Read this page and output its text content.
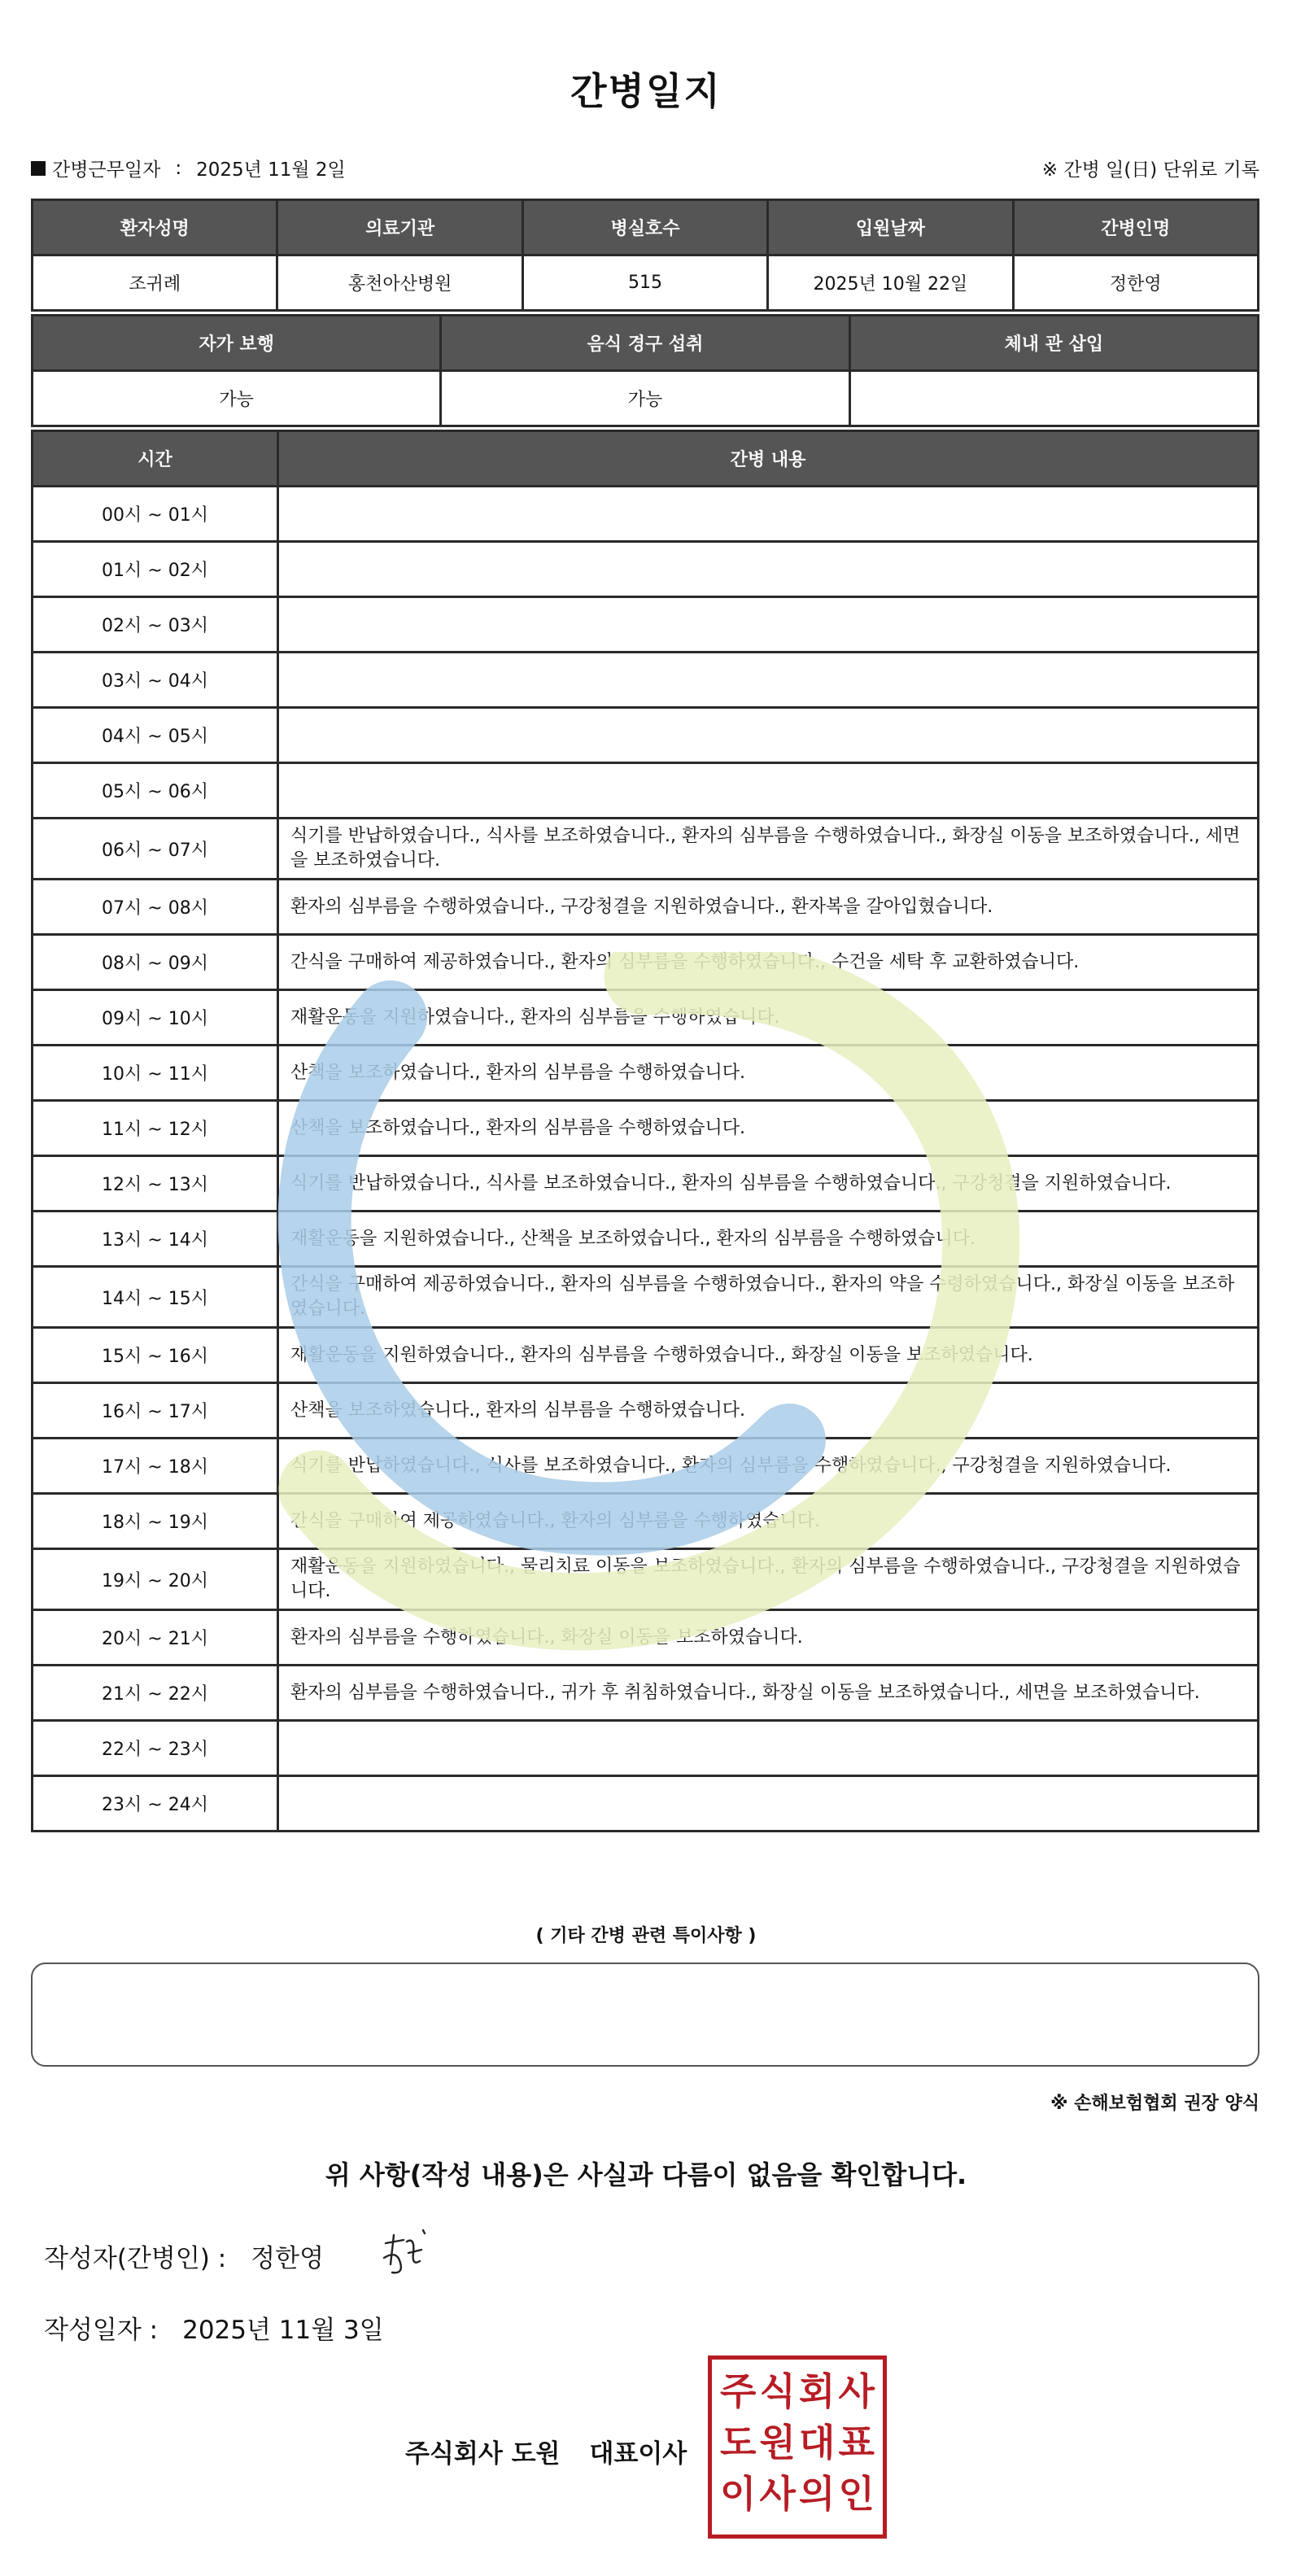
간병일지
간병근무일자 : 2025년 11월 2일	※ 간병 일(日) 단위로 기록
환자성명	의료기관	병실호수	입원날짜	간병인명
조귀례	홍천아산병원	515	2025년 10월 22일	정한영
자가 보행	음식 경구 섭취	체내 관 삽입
가능	가능	
시간	간병 내용
00시 ~ 01시	
01시 ~ 02시	
02시 ~ 03시	
03시 ~ 04시	
04시 ~ 05시	
05시 ~ 06시	
06시 ~ 07시	식기를 반납하였습니다., 식사를 보조하였습니다., 환자의 심부름을 수행하였습니다., 화장실 이동을 보조하였습니다., 세면을 보조하였습니다.
07시 ~ 08시	환자의 심부름을 수행하였습니다., 구강청결을 지원하였습니다., 환자복을 갈아입혔습니다.
08시 ~ 09시	간식을 구매하여 제공하였습니다., 환자의 심부름을 수행하였습니다., 수건을 세탁 후 교환하였습니다.
09시 ~ 10시	재활운동을 지원하였습니다., 환자의 심부름을 수행하였습니다.
10시 ~ 11시	산책을 보조하였습니다., 환자의 심부름을 수행하였습니다.
11시 ~ 12시	산책을 보조하였습니다., 환자의 심부름을 수행하였습니다.
12시 ~ 13시	식기를 반납하였습니다., 식사를 보조하였습니다., 환자의 심부름을 수행하였습니다., 구강청결을 지원하였습니다.
13시 ~ 14시	재활운동을 지원하였습니다., 산책을 보조하였습니다., 환자의 심부름을 수행하였습니다.
14시 ~ 15시	간식을 구매하여 제공하였습니다., 환자의 심부름을 수행하였습니다., 환자의 약을 수령하였습니다., 화장실 이동을 보조하였습니다.
15시 ~ 16시	재활운동을 지원하였습니다., 환자의 심부름을 수행하였습니다., 화장실 이동을 보조하였습니다.
16시 ~ 17시	산책을 보조하였습니다., 환자의 심부름을 수행하였습니다.
17시 ~ 18시	식기를 반납하였습니다., 식사를 보조하였습니다., 환자의 심부름을 수행하였습니다., 구강청결을 지원하였습니다.
18시 ~ 19시	간식을 구매하여 제공하였습니다., 환자의 심부름을 수행하였습니다.
19시 ~ 20시	재활운동을 지원하였습니다., 물리치료 이동을 보조하였습니다., 환자의 심부름을 수행하였습니다., 구강청결을 지원하였습니다.
20시 ~ 21시	환자의 심부름을 수행하였습니다., 화장실 이동을 보조하였습니다.
21시 ~ 22시	환자의 심부름을 수행하였습니다., 귀가 후 취침하였습니다., 화장실 이동을 보조하였습니다., 세면을 보조하였습니다.
22시 ~ 23시	
23시 ~ 24시	
( 기타 간병 관련 특이사항 )
※ 손해보험협회 권장 양식
위 사항(작성 내용)은 사실과 다름이 없음을 확인합니다.
작성자(간병인) : 정한영
작성일자 : 2025년 11월 3일
주식회사 도원 대표이사
주 식 회 사
도 원 대 표
이 사 의 인
